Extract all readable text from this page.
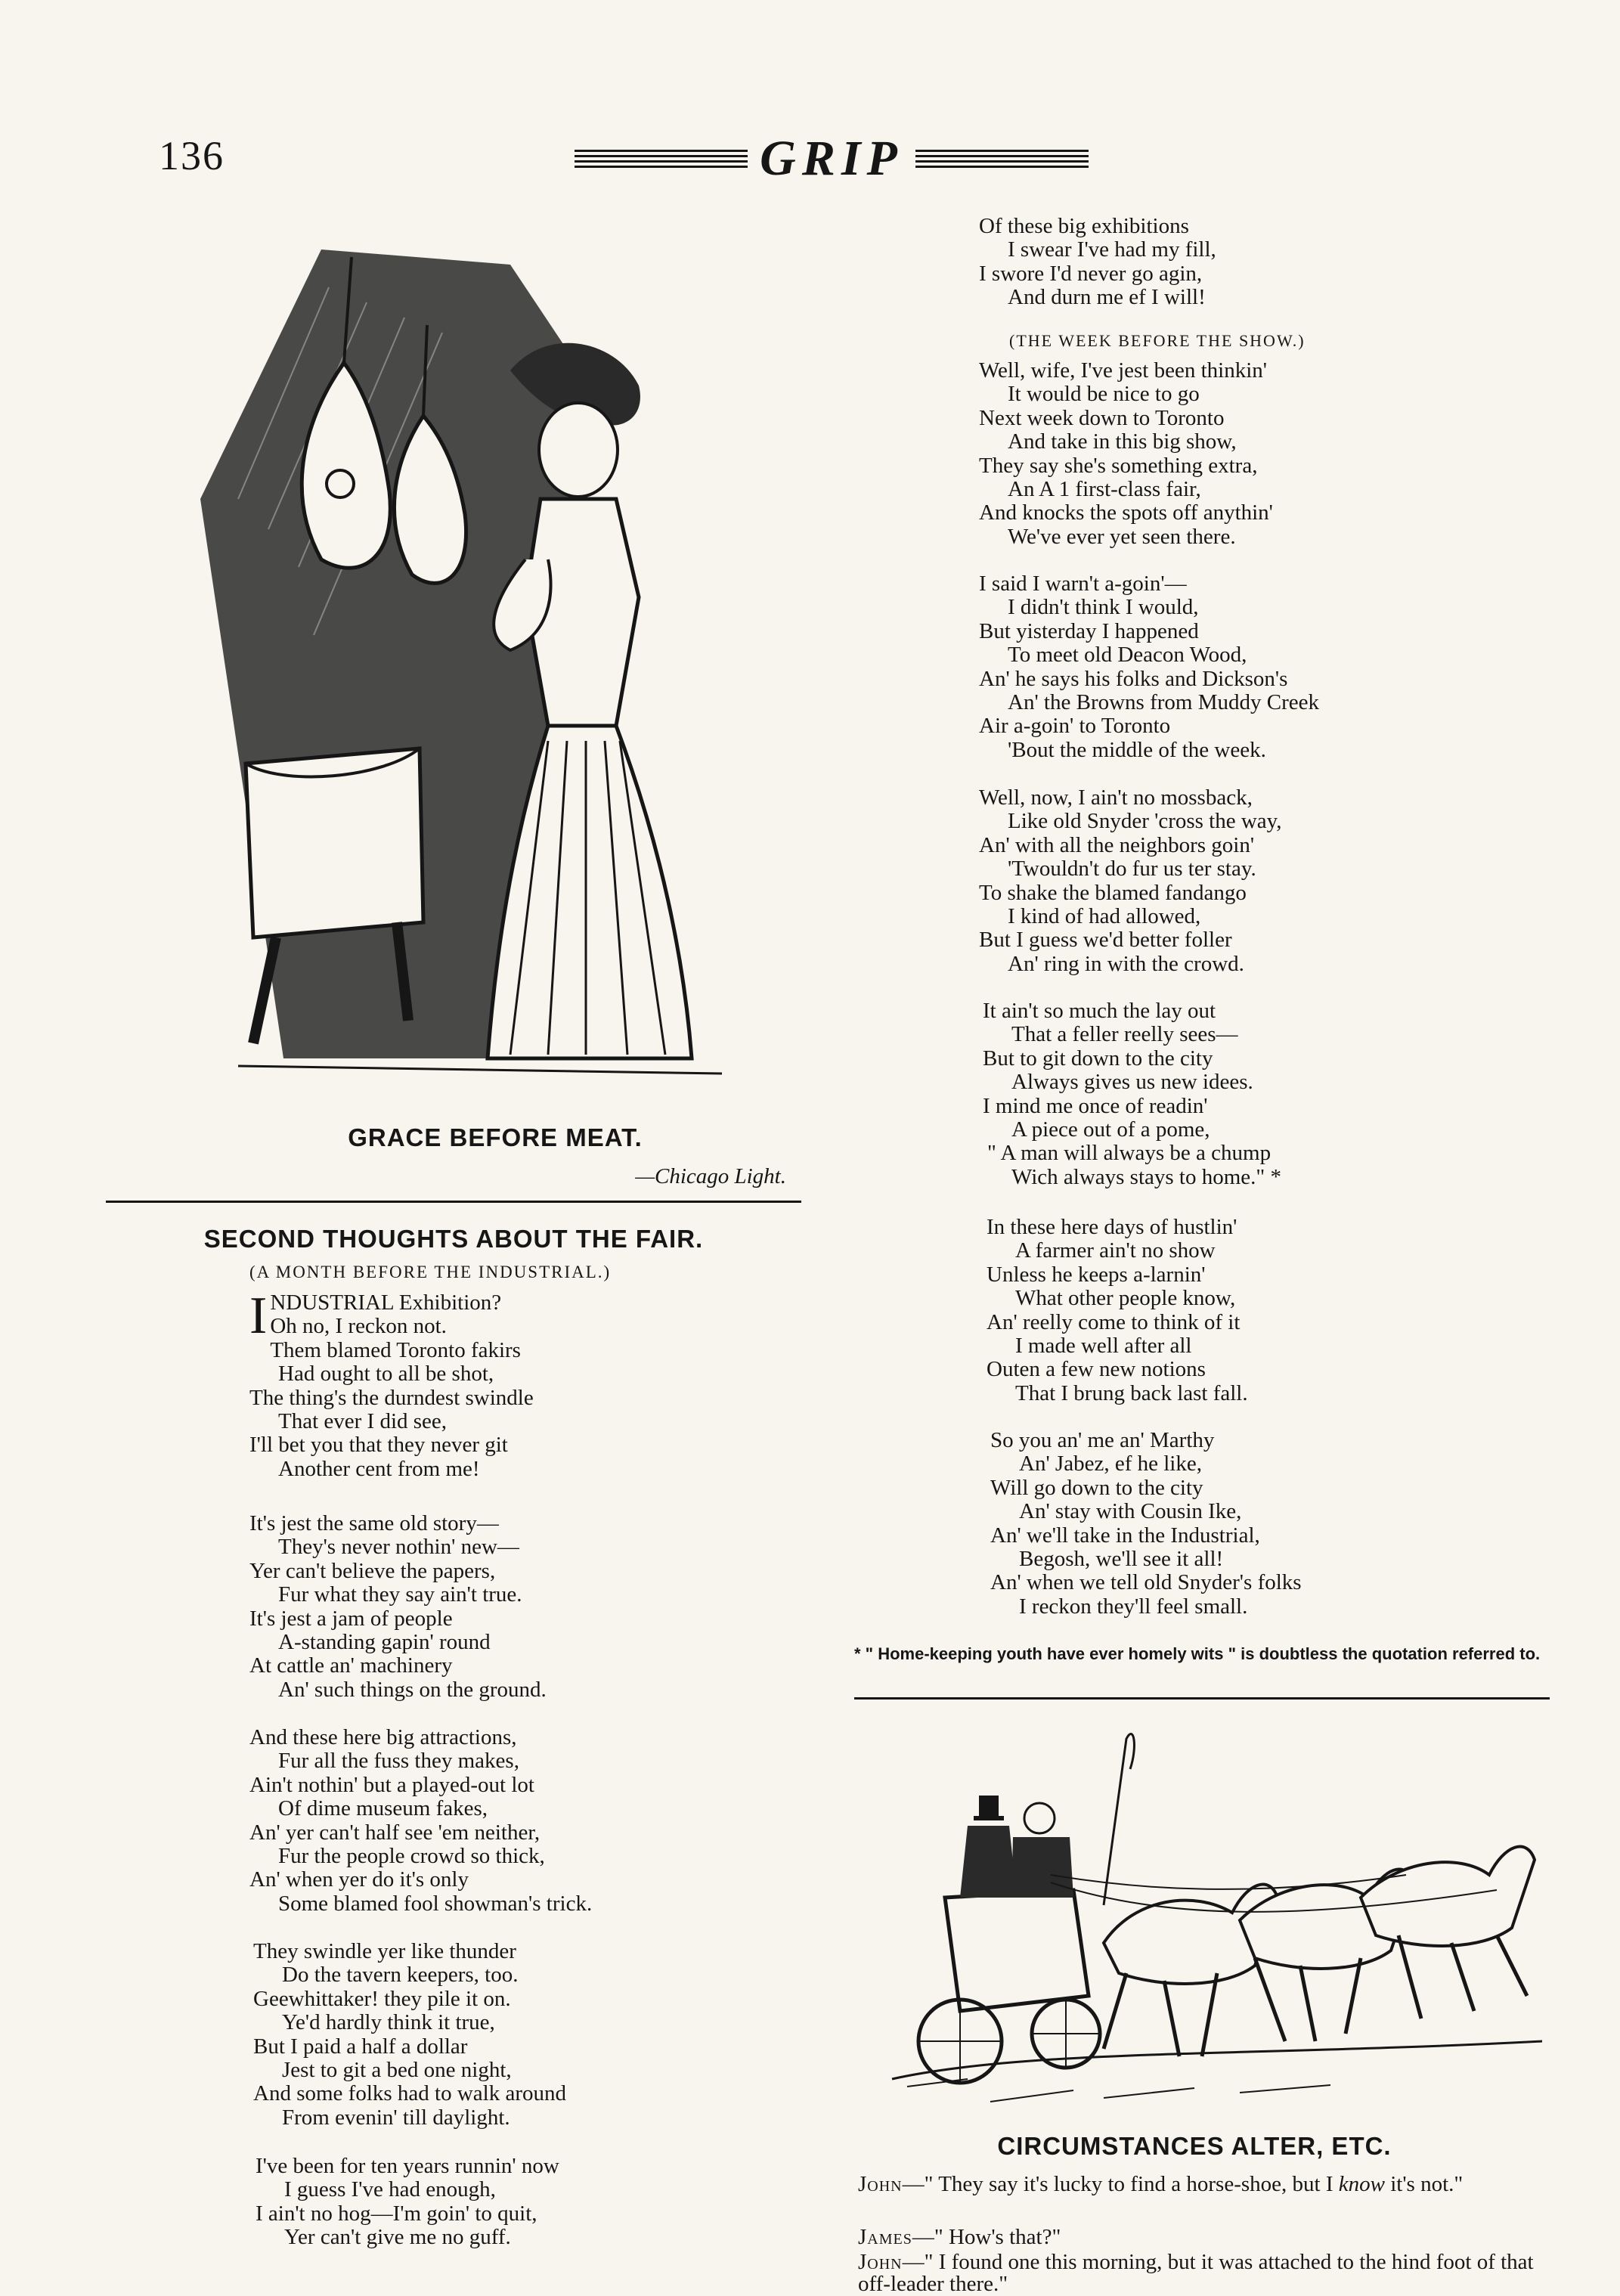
136	GRIP
GRACE BEFORE MEAT.
—Chicago Light.
SECOND THOUGHTS ABOUT THE FAIR.
(A MONTH BEFORE THE INDUSTRIAL.)
I NDUSTRIAL Exhibition?
Oh no, I reckon not.
Them blamed Toronto fakirs
Had ought to all be shot,
The thing's the durndest swindle
That ever I did see,
I'll bet you that they never git
Another cent from me!
It's jest the same old story—
They's never nothin' new—
Yer can't believe the papers,
Fur what they say ain't true.
It's jest a jam of people
A-standing gapin' round
At cattle an' machinery
An' such things on the ground.
And these here big attractions,
Fur all the fuss they makes,
Ain't nothin' but a played-out lot
Of dime museum fakes,
An' yer can't half see 'em neither,
Fur the people crowd so thick,
An' when yer do it's only
Some blamed fool showman's trick.
They swindle yer like thunder
Do the tavern keepers, too.
Geewhittaker! they pile it on.
Ye'd hardly think it true,
But I paid a half a dollar
Jest to git a bed one night,
And some folks had to walk around
From evenin' till daylight.
I've been for ten years runnin' now
I guess I've had enough,
I ain't no hog—I'm goin' to quit,
Yer can't give me no guff.
Of these big exhibitions
I swear I've had my fill,
I swore I'd never go agin,
And durn me ef I will!
(THE WEEK BEFORE THE SHOW.)
Well, wife, I've jest been thinkin'
It would be nice to go
Next week down to Toronto
And take in this big show,
They say she's something extra,
An A 1 first-class fair,
And knocks the spots off anythin'
We've ever yet seen there.
I said I warn't a-goin'—
I didn't think I would,
But yisterday I happened
To meet old Deacon Wood,
An' he says his folks and Dickson's
An' the Browns from Muddy Creek
Air a-goin' to Toronto
'Bout the middle of the week.
Well, now, I ain't no mossback,
Like old Snyder 'cross the way,
An' with all the neighbors goin'
'Twouldn't do fur us ter stay.
To shake the blamed fandango
I kind of had allowed,
But I guess we'd better foller
An' ring in with the crowd.
It ain't so much the lay out
That a feller reelly sees—
But to git down to the city
Always gives us new idees.
I mind me once of readin'
A piece out of a pome,
" A man will always be a chump
Wich always stays to home." *
In these here days of hustlin'
A farmer ain't no show
Unless he keeps a-larnin'
What other people know,
An' reelly come to think of it
I made well after all
Outen a few new notions
That I brung back last fall.
So you an' me an' Marthy
An' Jabez, ef he like,
Will go down to the city
An' stay with Cousin Ike,
An' we'll take in the Industrial,
Begosh, we'll see it all!
An' when we tell old Snyder's folks
I reckon they'll feel small.
* " Home-keeping youth have ever homely wits " is doubtless the quotation referred to.
CIRCUMSTANCES ALTER, ETC.
John—" They say it's lucky to find a horse-shoe, but I know it's not."
James—" How's that?"
John—" I found one this morning, but it was attached to the hind foot of that off-leader there."
